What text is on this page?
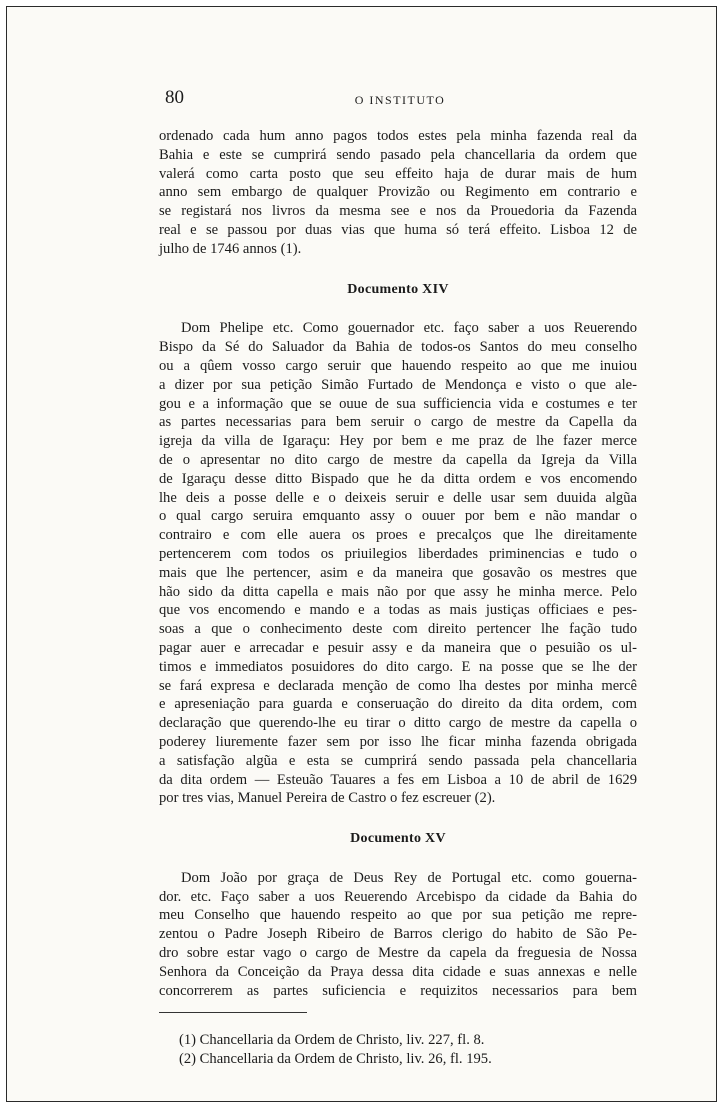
80	O INSTITUTO
ordenado cada hum anno pagos todos estes pela minha fazenda real da
Bahia e este se cumprirá sendo pasado pela chancellaria da ordem que
valerá como carta posto que seu effeito haja de durar mais de hum
anno sem embargo de qualquer Provizão ou Regimento em contrario e
se registará nos livros da mesma see e nos da Prouedoria da Fazenda
real e se passou por duas vias que huma só terá effeito. Lisboa 12 de
julho de 1746 annos (1).
Documento XIV
Dom Phelipe etc. Como gouernador etc. faço saber a uos Reuerendo
Bispo da Sé do Saluador da Bahia de todos-os Santos do meu conselho
ou a qûem vosso cargo seruir que hauendo respeito ao que me inuiou
a dizer por sua petição Simão Furtado de Mendonça e visto o que ale-
gou e a informação que se ouue de sua sufficiencia vida e costumes e ter
as partes necessarias para bem seruir o cargo de mestre da Capella da
igreja da villa de Igaraçu: Hey por bem e me praz de lhe fazer merce
de o apresentar no dito cargo de mestre da capella da Igreja da Villa
de Igaraçu desse ditto Bispado que he da ditta ordem e vos encomendo
lhe deis a posse delle e o deixeis seruir e delle usar sem duuida algũa
o qual cargo seruira emquanto assy o ouuer por bem e não mandar o
contrairo e com elle auera os proes e precalços que lhe direitamente
pertencerem com todos os priuilegios liberdades priminencias e tudo o
mais que lhe pertencer, asim e da maneira que gosavão os mestres que
hão sido da ditta capella e mais não por que assy he minha merce. Pelo
que vos encomendo e mando e a todas as mais justiças officiaes e pes-
soas a que o conhecimento deste com direito pertencer lhe fação tudo
pagar auer e arrecadar e pesuir assy e da maneira que o pesuião os ul-
timos e immediatos posuidores do dito cargo. E na posse que se lhe der
se fará expresa e declarada menção de como lha destes por minha mercê
e apreseniação para guarda e conseruação do direito da dita ordem, com
declaração que querendo-lhe eu tirar o ditto cargo de mestre da capella o
poderey liuremente fazer sem por isso lhe ficar minha fazenda obrigada
a satisfação algũa e esta se cumprirá sendo passada pela chancellaria
da dita ordem — Esteuão Tauares a fes em Lisboa a 10 de abril de 1629
por tres vias, Manuel Pereira de Castro o fez escreuer (2).
Documento XV
Dom João por graça de Deus Rey de Portugal etc. como gouerna-
dor. etc. Faço saber a uos Reuerendo Arcebispo da cidade da Bahia do
meu Conselho que hauendo respeito ao que por sua petição me repre-
zentou o Padre Joseph Ribeiro de Barros clerigo do habito de São Pe-
dro sobre estar vago o cargo de Mestre da capela da freguesia de Nossa
Senhora da Conceição da Praya dessa dita cidade e suas annexas e nelle
concorrerem as partes suficiencia e requizitos necessarios para bem
(1) Chancellaria da Ordem de Christo, liv. 227, fl. 8.
(2) Chancellaria da Ordem de Christo, liv. 26, fl. 195.
